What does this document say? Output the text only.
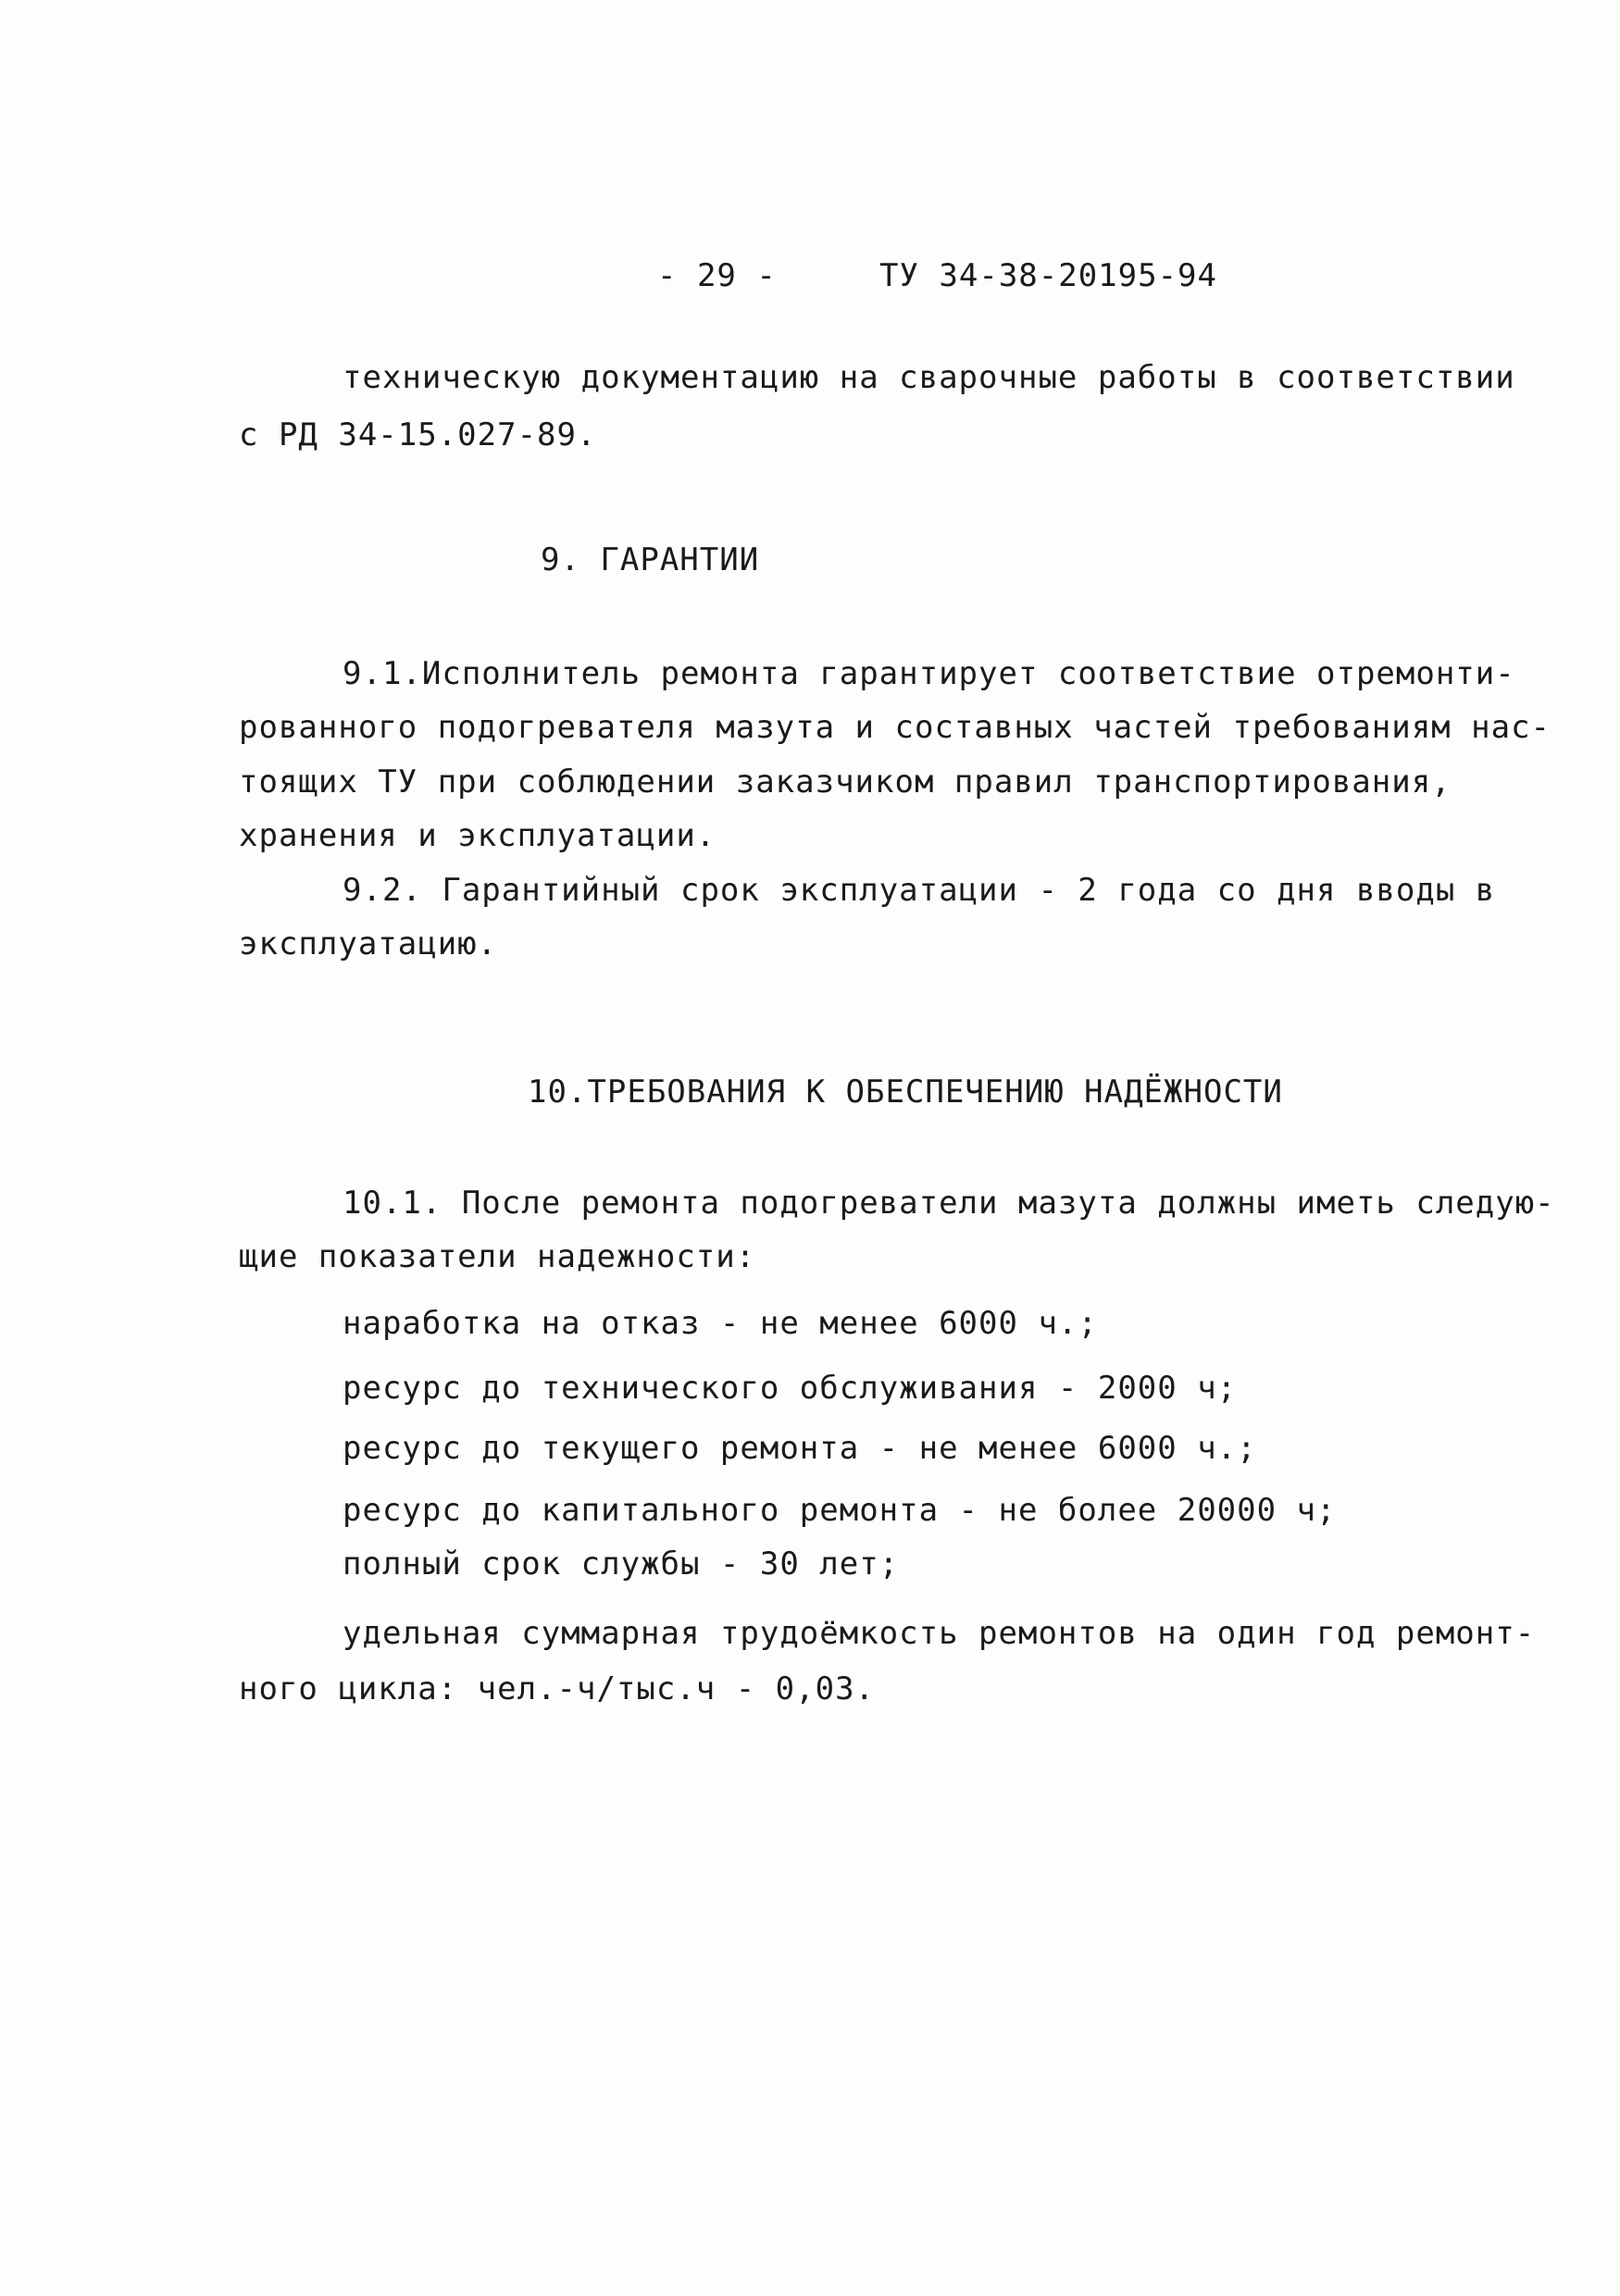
- 29 -	ТУ 34-38-20195-94
техническую документацию на сварочные работы в соответствии
с РД 34-15.027-89.
9. ГАРАНТИИ
9.1.Исполнитель ремонта гарантирует соответствие отремонти-
рованного подогревателя мазута и составных частей требованиям нас-
тоящих ТУ при соблюдении заказчиком правил транспортирования,
хранения и эксплуатации.
9.2. Гарантийный срок эксплуатации - 2 года со дня вводы в
эксплуатацию.
10.ТРЕБОВАНИЯ К ОБЕСПЕЧЕНИЮ НАДЁЖНОСТИ
10.1. После ремонта подогреватели мазута должны иметь следую-
щие показатели надежности:
наработка на отказ - не менее 6000 ч.;
ресурс до технического обслуживания - 2000 ч;
ресурс до текущего ремонта - не менее 6000 ч.;
ресурс до капитального ремонта - не более 20000 ч;
полный срок службы - 30 лет;
удельная суммарная трудоёмкость ремонтов на один год ремонт-
ного цикла: чел.-ч/тыс.ч - 0,03.
